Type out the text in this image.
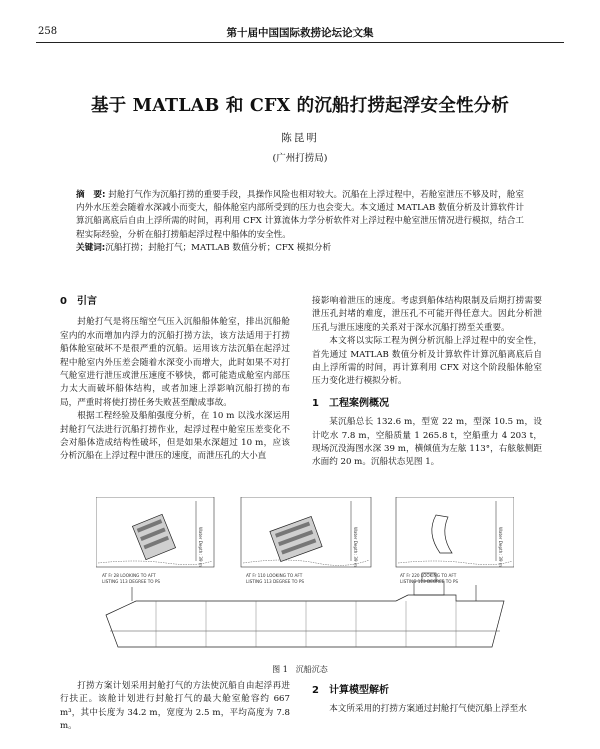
258	第十届中国国际救捞论坛论文集
基于 MATLAB 和 CFX 的沉船打捞起浮安全性分析
陈昆明
(广州打捞局)

摘　要: 封舱打气作为沉船打捞的重要手段，具操作风险也相对较大。沉船在上浮过程中，若舱室泄压不够及时，舱室内外水压差会随着水深减小而变大，船体舱室内部所受到的压力也会变大。本文通过 MATLAB 数值分析及计算软件计算沉船离底后自由上浮所需的时间，再利用 CFX 计算流体力学分析软件对上浮过程中舱室泄压情况进行模拟，结合工程实际经验，分析在船打捞船起浮过程中船体的安全性。

关键词:沉船打捞；封舱打气；MATLAB 数值分析；CFX 模拟分析

0　引言

封舱打气是将压缩空气压入沉船船体舱室，排出沉船舱室内的水而增加内浮力的沉船打捞方法，该方法适用于打捞船体舱室破坏不是很严重的沉船。运用该方法沉船在起浮过程中舱室内外压差会随着水深变小而增大，此时如果不对打气舱室进行泄压或泄压速度不够快，都可能造成舱室内部压力太大而破坏船体结构，或者加速上浮影响沉船打捞的布局，严重时将使打捞任务失败甚至酿成事故。

根据工程经验及船舶强度分析，在 10 m 以浅水深运用封舱打气法进行沉船打捞作业，起浮过程中舱室压差变化不会对船体造成结构性破坏，但是如果水深超过 10 m，应该分析沉船在上浮过程中泄压的速度，而泄压孔的大小直

接影响着泄压的速度。考虑到船体结构限制及后期打捞需要泄压孔封堵的难度，泄压孔不可能开得任意大。因此分析泄压孔与泄压速度的关系对于深水沉船打捞至关重要。

本文将以实际工程为例分析沉船上浮过程中的安全性，首先通过 MATLAB 数值分析及计算软件计算沉船离底后自由上浮所需的时间，再计算利用 CFX 对这个阶段船体舱室压力变化进行模拟分析。

1　工程案例概况

某沉船总长 132.6 m，型宽 22 m，型深 10.5 m，设计吃水 7.8 m，空船质量 1 265.8 t，空船重力 4 203 t，现场沉没海图水深 39 m，横倾值为左舷 113°，右舷舷侧距水面约 20 m。沉船状态见图 1。

Water Depth: 39 m
AT Fr 28 LOOKING TO AFT
LISTING 113 DEGREE TO PS
Water Depth: 39 m
AT Fr 110 LOOKING TO AFT
LISTING 113 DEGREE TO PS
Water Depth: 39 m
AT Fr 220 LOOKING TO AFT
LISTING 113 DEGREE TO PS
图 1　沉船沉态

打捞方案计划采用封舱打气的方法使沉船自由起浮再进行扶正。该舱计划进行封舱打气的最大舱室舱容约 667 m³，其中长度为 34.2 m，宽度为 2.5 m，平均高度为 7.8 m。

2　计算模型解析

本文所采用的打捞方案通过封舱打气使沉船上浮至水
